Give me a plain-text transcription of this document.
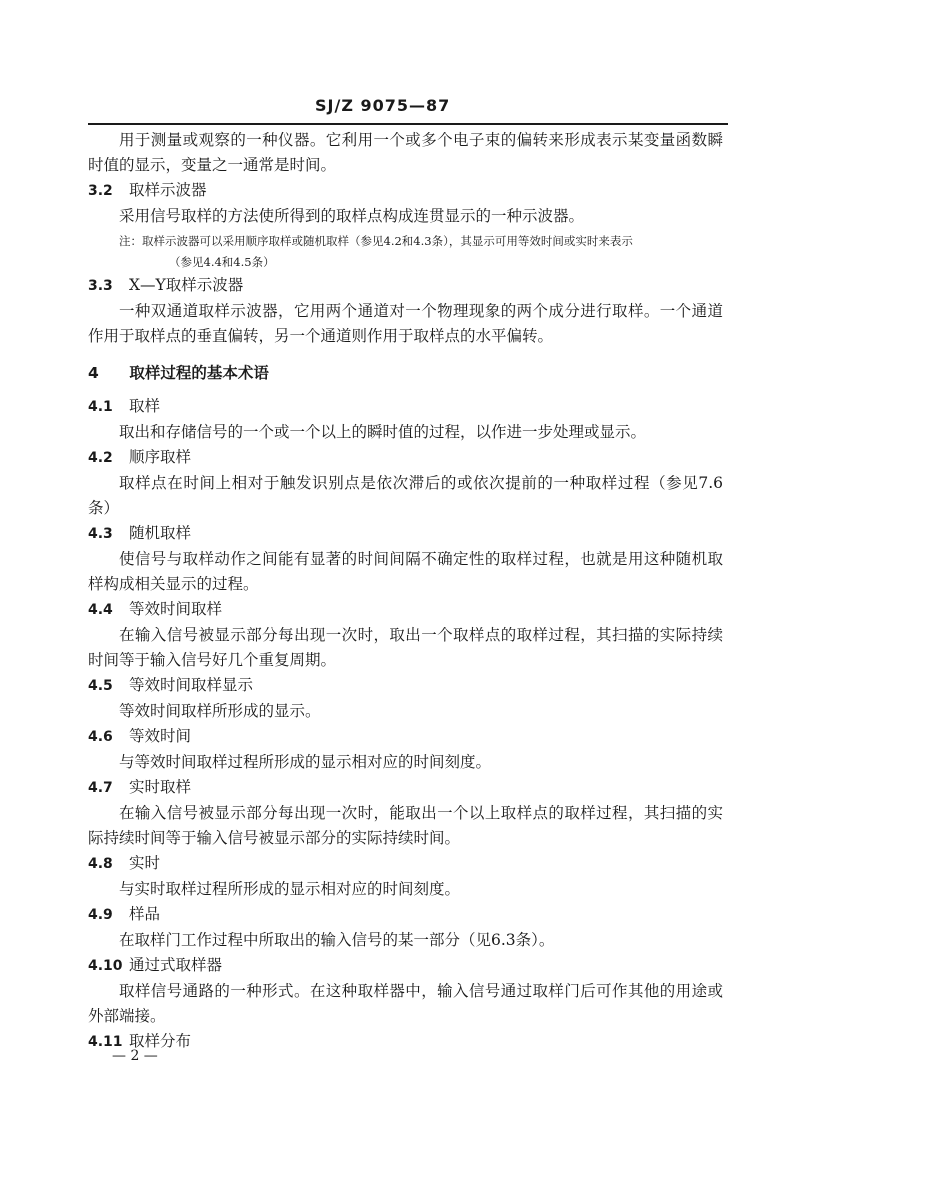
SJ/Z 9075—87

用于测量或观察的一种仪器。它利用一个或多个电子束的偏转来形成表示某变量函数瞬时值的显示，变量之一通常是时间。

3.2 取样示波器

采用信号取样的方法使所得到的取样点构成连贯显示的一种示波器。

注：取样示波器可以采用顺序取样或随机取样（参见4.2和4.3条），其显示可用等效时间或实时来表示
（参见4.4和4.5条）
3.3 X—Y取样示波器

一种双通道取样示波器，它用两个通道对一个物理现象的两个成分进行取样。一个通道作用于取样点的垂直偏转，另一个通道则作用于取样点的水平偏转。

4 取样过程的基本术语
4.1 取样

取出和存储信号的一个或一个以上的瞬时值的过程，以作进一步处理或显示。

4.2 顺序取样

取样点在时间上相对于触发识别点是依次滞后的或依次提前的一种取样过程（参见7.6条）

4.3 随机取样

使信号与取样动作之间能有显著的时间间隔不确定性的取样过程，也就是用这种随机取样构成相关显示的过程。

4.4 等效时间取样

在输入信号被显示部分每出现一次时，取出一个取样点的取样过程，其扫描的实际持续时间等于输入信号好几个重复周期。

4.5 等效时间取样显示

等效时间取样所形成的显示。

4.6 等效时间

与等效时间取样过程所形成的显示相对应的时间刻度。

4.7 实时取样

在输入信号被显示部分每出现一次时，能取出一个以上取样点的取样过程，其扫描的实际持续时间等于输入信号被显示部分的实际持续时间。

4.8 实时

与实时取样过程所形成的显示相对应的时间刻度。

4.9 样品

在取样门工作过程中所取出的输入信号的某一部分（见6.3条）。

4.10 通过式取样器

取样信号通路的一种形式。在这种取样器中，输入信号通过取样门后可作其他的用途或外部端接。

4.11 取样分布
— 2 —
